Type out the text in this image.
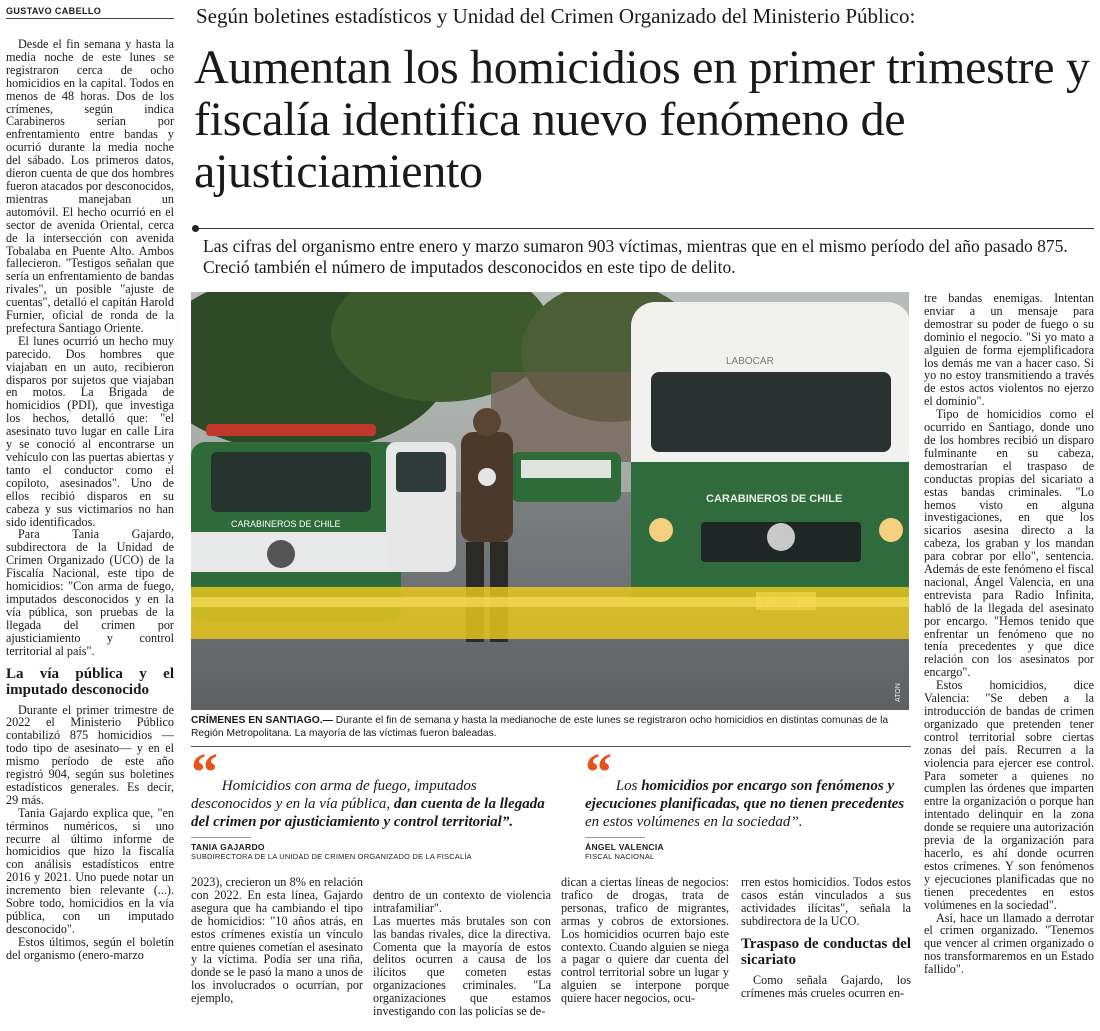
GUSTAVO CABELLO

Desde el fin semana y hasta la media noche de este lunes se registraron cerca de ocho homicidios en la capital. Todos en menos de 48 horas. Dos de los crímenes, según indica Carabineros serían por enfrentamiento entre bandas y ocurrió durante la media noche del sábado. Los primeros datos, dieron cuenta de que dos hombres fueron atacados por desconocidos, mientras manejaban un automóvil. El hecho ocurrió en el sector de avenida Oriental, cerca de la intersección con avenida Tobalaba en Puente Alto. Ambos fallecieron. "Testigos señalan que sería un enfrentamiento de bandas rivales", un posible "ajuste de cuentas", detalló el capitán Harold Furnier, oficial de ronda de la prefectura Santiago Oriente.

El lunes ocurrió un hecho muy parecido. Dos hombres que viajaban en un auto, recibieron disparos por sujetos que viajaban en motos. La Brigada de homicidios (PDI), que investiga los hechos, detalló que: "el asesinato tuvo lugar en calle Lira y se conoció al encontrarse un vehículo con las puertas abiertas y tanto el conductor como el copiloto, asesinados". Uno de ellos recibió disparos en su cabeza y sus victimarios no han sido identificados.

Para Tania Gajardo, subdirectora de la Unidad de Crimen Organizado (UCO) de la Fiscalía Nacional, este tipo de homicidios: "Con arma de fuego, imputados desconocidos y en la vía pública, son pruebas de la llegada del crimen por ajusticiamiento y control territorial al país".

La vía pública y el imputado desconocido

Durante el primer trimestre de 2022 el Ministerio Público contabilizó 875 homicidios —todo tipo de asesinato— y en el mismo período de este año registró 904, según sus boletines estadísticos generales. Es decir, 29 más.

Tania Gajardo explica que, "en términos numéricos, si uno recurre al último informe de homicidios que hizo la fiscalía con análisis estadísticos entre 2016 y 2021. Uno puede notar un incremento bien relevante (...). Sobre todo, homicidios en la vía pública, con un imputado desconocido".

Estos últimos, según el boletín del organismo (enero-marzo

Según boletines estadísticos y Unidad del Crimen Organizado del Ministerio Público:
Aumentan los homicidios en primer trimestre y fiscalía identifica nuevo fenómeno de ajusticiamiento
Las cifras del organismo entre enero y marzo sumaron 903 víctimas, mientras que en el mismo período del año pasado 875. Creció también el número de imputados desconocidos en este tipo de delito.
CARABINEROS DE CHILE
LABOCAR
CARABINEROS DE CHILE
ATON
CRÍMENES EN SANTIAGO.— Durante el fin de semana y hasta la medianoche de este lunes se registraron ocho homicidios en distintas comunas de la Región Metropolitana. La mayoría de las víctimas fueron baleadas.

tre bandas enemigas. Intentan enviar a un mensaje para demostrar su poder de fuego o su dominio el negocio. "Si yo mato a alguien de forma ejemplificadora los demás me van a hacer caso. Si yo no estoy transmitiendo a través de estos actos violentos no ejerzo el dominio".

Tipo de homicidios como el ocurrido en Santiago, donde uno de los hombres recibió un disparo fulminante en su cabeza, demostrarían el traspaso de conductas propias del sicariato a estas bandas criminales. "Lo hemos visto en alguna investigaciones, en que los sicarios asesina directo a la cabeza, los graban y los mandan para cobrar por ello", sentencia. Además de este fenómeno el fiscal nacional, Ángel Valencia, en una entrevista para Radio Infinita, habló de la llegada del asesinato por encargo. "Hemos tenido que enfrentar un fenómeno que no tenía precedentes y que dice relación con los asesinatos por encargo".

Estos homicidios, dice Valencia: "Se deben a la introducción de bandas de crimen organizado que pretenden tener control territorial sobre ciertas zonas del país. Recurren a la violencia para ejercer ese control. Para someter a quienes no cumplen las órdenes que imparten entre la organización o porque han intentado delinquir en la zona donde se requiere una autorización previa de la organización para hacerlo, es ahí donde ocurren estos crímenes. Y son fenómenos y ejecuciones planificadas que no tienen precedentes en estos volúmenes en la sociedad".

Así, hace un llamado a derrotar el crimen organizado. "Tenemos que vencer al crimen organizado o nos transformaremos en un Estado fallido".

“ Homicidios con arma de fuego, imputados desconocidos y en la vía pública, dan cuenta de la llegada del crimen por ajusticiamiento y control territorial”.
TANIA GAJARDO
SUBDIRECTORA DE LA UNIDAD DE CRIMEN ORGANIZADO DE LA FISCALÍA
“ Los homicidios por encargo son fenómenos y ejecuciones planificadas, que no tienen precedentes en estos volúmenes en la sociedad”.
ÁNGEL VALENCIA
FISCAL NACIONAL

2023), crecieron un 8% en relación con 2022. En esta línea, Gajardo asegura que ha cambiando el tipo de homicidios: "10 años atrás, en estos crímenes existía un vínculo entre quienes cometían el asesinato y la víctima. Podía ser una riña, donde se le pasó la mano a unos de los involucrados o ocurrían, por ejemplo,

dentro de un contexto de violencia intrafamiliar".
Las muertes más brutales son con las bandas rivales, dice la directiva. Comenta que la mayoría de estos delitos ocurren a causa de los ilícitos que cometen estas organizaciones criminales. "La organizaciones que estamos investigando con las policías se de-

dican a ciertas líneas de negocios: trafico de drogas, trata de personas, trafico de migrantes, armas y cobros de extorsiones. Los homicidios ocurren bajo este contexto. Cuando alguien se niega a pagar o quiere dar cuenta del control territorial sobre un lugar y alguien se interpone porque quiere hacer negocios, ocu-

rren estos homicidios. Todos estos casos están vinculados a sus actividades ilícitas", señala la subdirectora de la UCO.

Traspaso de conductas del sicariato

Como señala Gajardo, los crímenes más crueles ocurren en-
